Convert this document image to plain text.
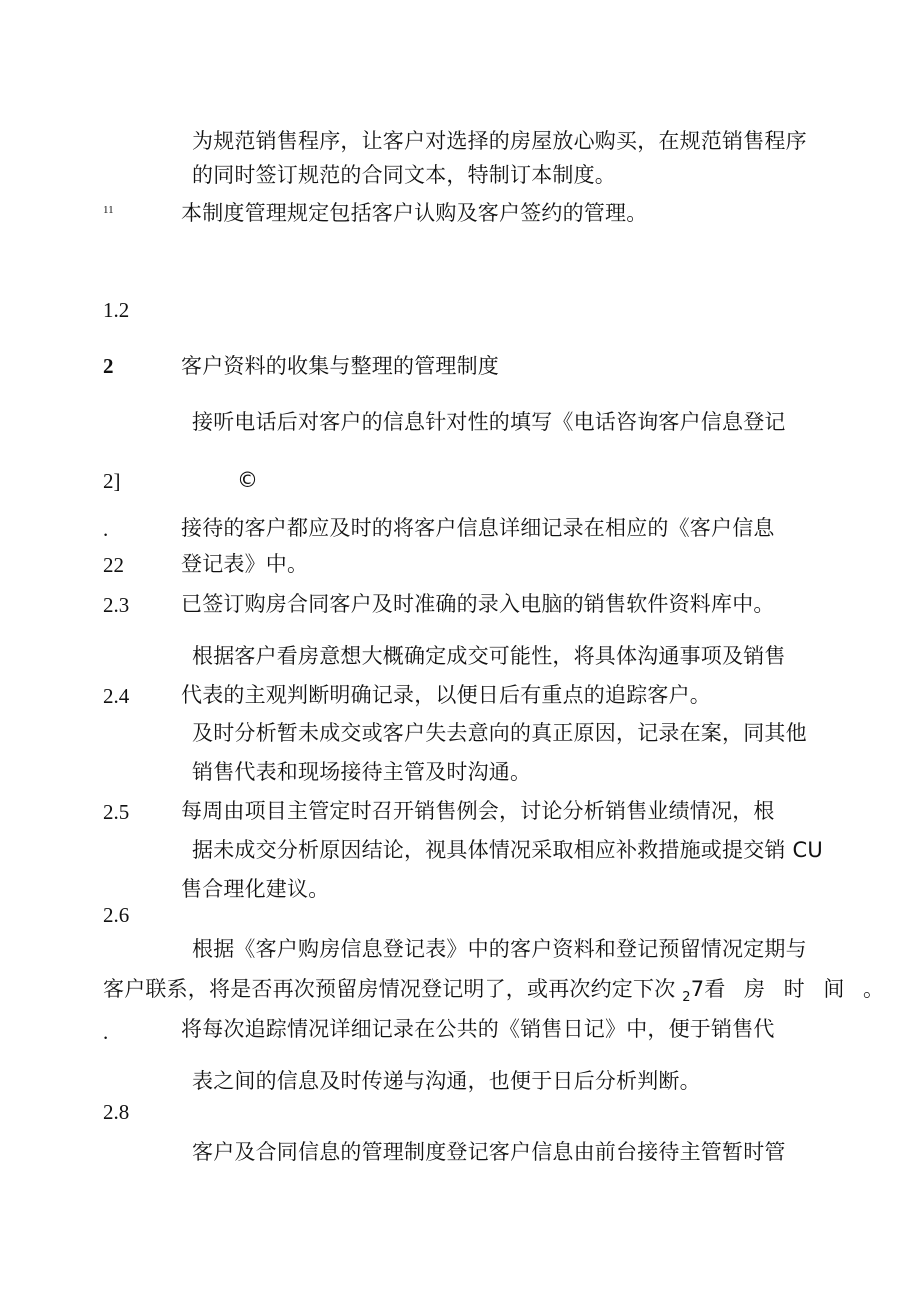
11
1.2
2
2]
.
22
2.3
2.4
2.5
2.6
.
2.8
为规范销售程序，让客户对选择的房屋放心购买，在规范销售程序
的同时签订规范的合同文本，特制订本制度。
本制度管理规定包括客户认购及客户签约的管理。
客户资料的收集与整理的管理制度
接听电话后对客户的信息针对性的填写《电话咨询客户信息登记
©
接待的客户都应及时的将客户信息详细记录在相应的《客户信息
登记表》中。
已签订购房合同客户及时准确的录入电脑的销售软件资料库中。
根据客户看房意想大概确定成交可能性，将具体沟通事项及销售
代表的主观判断明确记录，以便日后有重点的追踪客户。
及时分析暂未成交或客户失去意向的真正原因，记录在案，同其他
销售代表和现场接待主管及时沟通。
每周由项目主管定时召开销售例会，讨论分析销售业绩情况，根
据未成交分析原因结论，视具体情况采取相应补救措施或提交销 CU
售合理化建议。
根据《客户购房信息登记表》中的客户资料和登记预留情况定期与
客户联系，将是否再次预留房情况登记明了，或再次约定下次 $_2$7看 房 时 间 。
将每次追踪情况详细记录在公共的《销售日记》中，便于销售代
表之间的信息及时传递与沟通，也便于日后分析判断。
客户及合同信息的管理制度登记客户信息由前台接待主管暂时管
